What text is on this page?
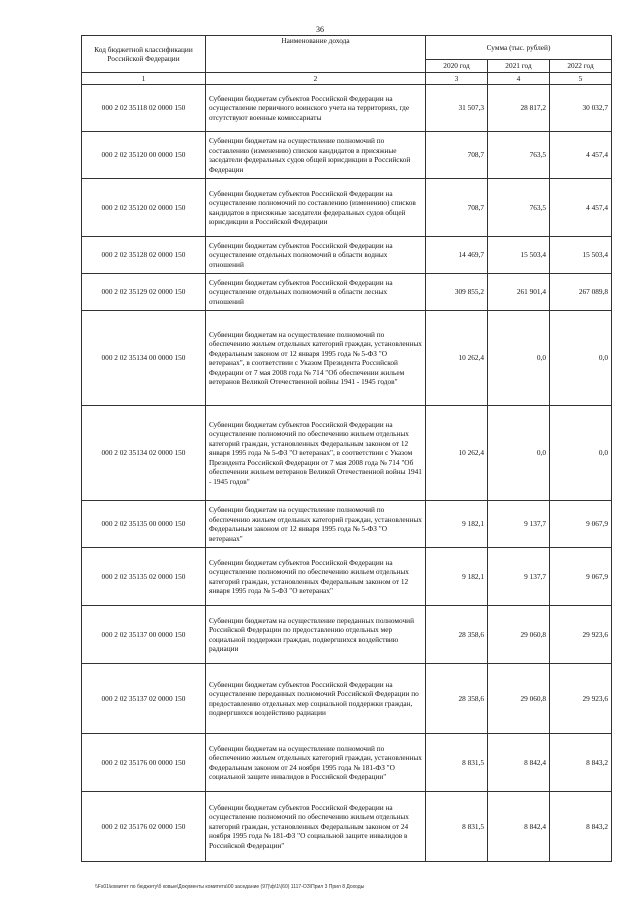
36
Код бюджетной классификации Российской Федерации	Наименование дохода	Сумма (тыс. рублей)		
		2020 год	2021 год	2022 год
1	2	3	4	5
000 2 02 35118 02 0000 150	Субвенции бюджетам субъектов Российской Федерации на осуществление первичного воинского учета на территориях, где отсутствуют военные комиссариаты	31 507,3	28 817,2	30 032,7
000 2 02 35120 00 0000 150	Субвенции бюджетам на осуществление полномочий по составлению (изменению) списков кандидатов в присяжные заседатели федеральных судов общей юрисдикции в Российской Федерации	708,7	763,5	4 457,4
000 2 02 35120 02 0000 150	Субвенции бюджетам субъектов Российской Федерации на осуществление полномочий по составлению (изменению) списков кандидатов в присяжные заседатели федеральных судов общей юрисдикции в Российской Федерации	708,7	763,5	4 457,4
000 2 02 35128 02 0000 150	Субвенции бюджетам субъектов Российской Федерации на осуществление отдельных полномочий в области водных отношений	14 469,7	15 503,4	15 503,4
000 2 02 35129 02 0000 150	Субвенции бюджетам субъектов Российской Федерации на осуществление отдельных полномочий в области лесных отношений	309 855,2	261 901,4	267 089,8
000 2 02 35134 00 0000 150	Субвенции бюджетам на осуществление полномочий по обеспечению жильем отдельных категорий граждан, установленных Федеральным законом от 12 января 1995 года № 5-ФЗ "О ветеранах", в соответствии с Указом Президента Российской Федерации от 7 мая 2008 года № 714 "Об обеспечении жильем ветеранов Великой Отечественной войны 1941 - 1945 годов"	10 262,4	0,0	0,0
000 2 02 35134 02 0000 150	Субвенции бюджетам субъектов Российской Федерации на осуществление полномочий по обеспечению жильем отдельных категорий граждан, установленных Федеральным законом от 12 января 1995 года № 5-ФЗ "О ветеранах", в соответствии с Указом Президента Российской Федерации от 7 мая 2008 года № 714 "Об обеспечении жильем ветеранов Великой Отечественной войны 1941 - 1945 годов"	10 262,4	0,0	0,0
000 2 02 35135 00 0000 150	Субвенции бюджетам на осуществление полномочий по обеспечению жильем отдельных категорий граждан, установленных Федеральным законом от 12 января 1995 года № 5-ФЗ "О ветеранах"	9 182,1	9 137,7	9 067,9
000 2 02 35135 02 0000 150	Субвенции бюджетам субъектов Российской Федерации на осуществление полномочий по обеспечению жильем отдельных категорий граждан, установленных Федеральным законом от 12 января 1995 года № 5-ФЗ "О ветеранах"	9 182,1	9 137,7	9 067,9
000 2 02 35137 00 0000 150	Субвенции бюджетам на осуществление переданных полномочий Российской Федерации по предоставлению отдельных мер социальной поддержки граждан, подвергшихся воздействию радиации	28 358,6	29 060,8	29 923,6
000 2 02 35137 02 0000 150	Субвенции бюджетам субъектов Российской Федерации на осуществление переданных полномочий Российской Федерации по предоставлению отдельных мер социальной поддержки граждан, подвергшихся воздействию радиации	28 358,6	29 060,8	29 923,6
000 2 02 35176 00 0000 150	Субвенции бюджетам на осуществление полномочий по обеспечению жильем отдельных категорий граждан, установленных Федеральным законом от 24 ноября 1995 года № 181-ФЗ "О социальной защите инвалидов в Российской Федерации"	8 831,5	8 842,4	8 843,2
000 2 02 35176 02 0000 150	Субвенции бюджетам субъектов Российской Федерации на осуществление полномочий по обеспечению жильем отдельных категорий граждан, установленных Федеральным законом от 24 ноября 1995 года № 181-ФЗ "О социальной защите инвалидов в Российской Федерации"	8 831,5	8 842,4	8 843,2
\\Fs01\комитет по бюджету\б ковые\Документы комитета\00 заседание (97)\ф\1\(60) 1117-ОЗ\Прил 3 Прил 8 Доходы
